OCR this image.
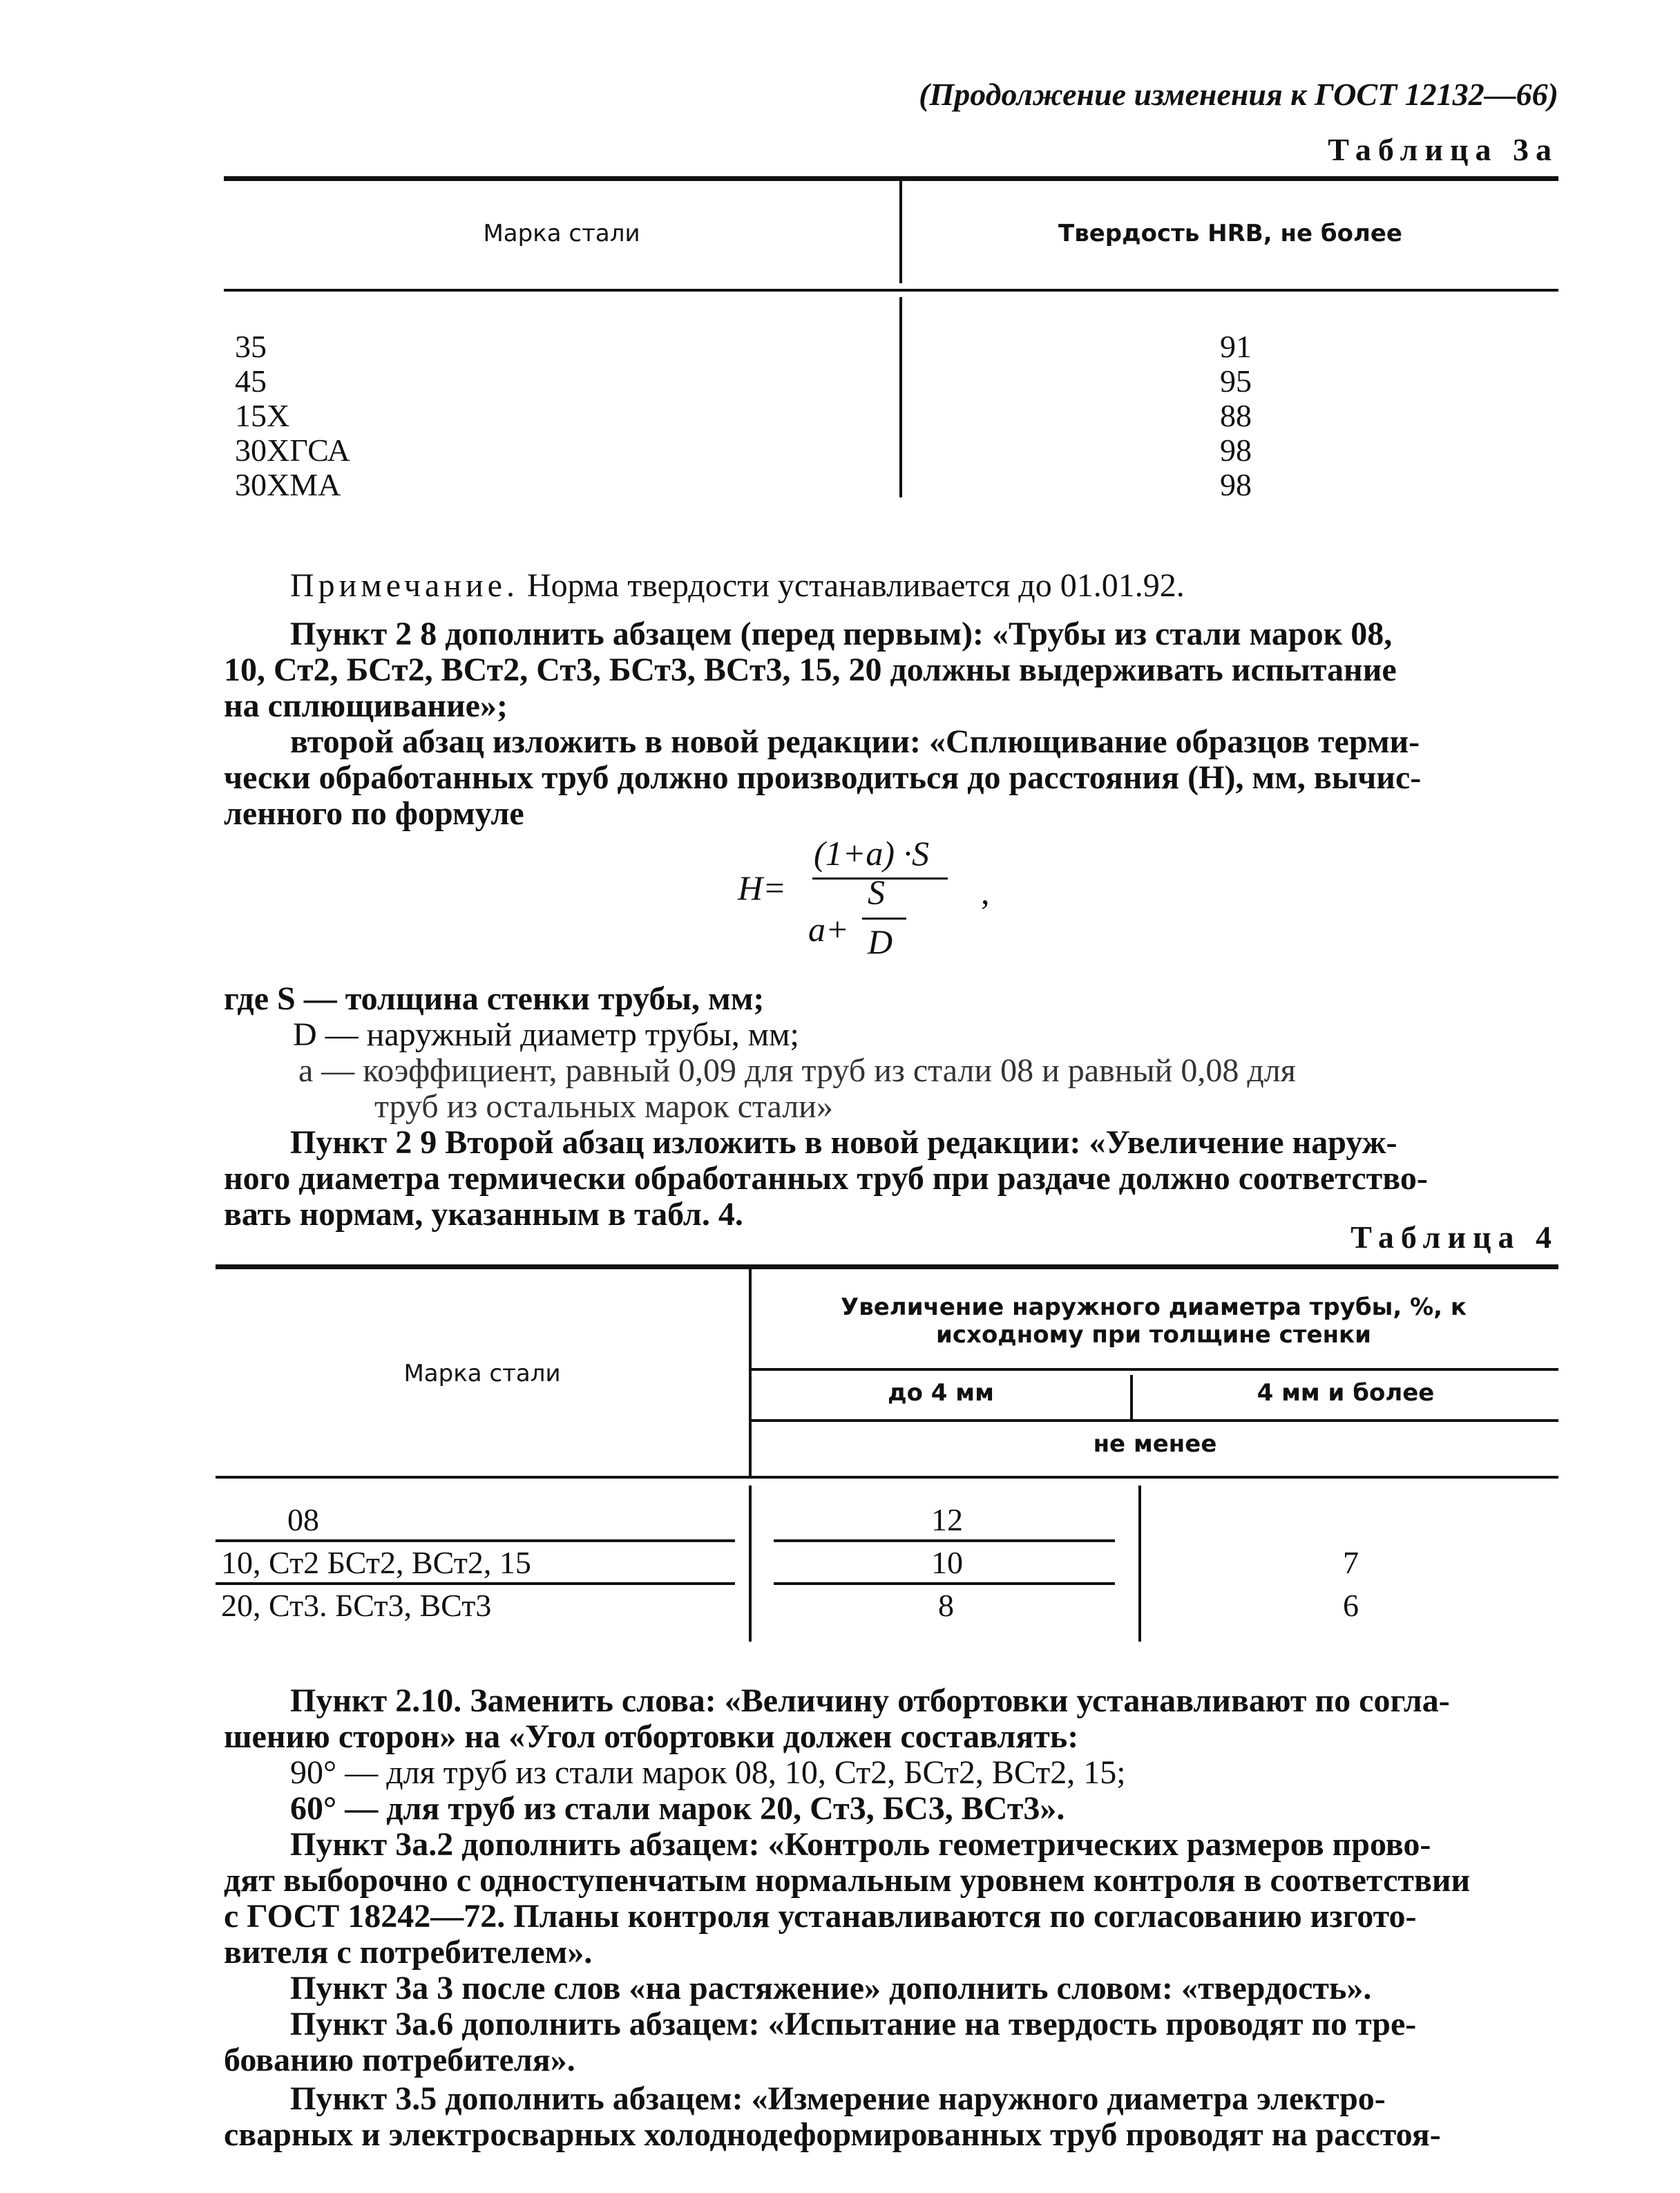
(Продолжение изменения к ГОСТ 12132—66)
Таблица 3а
Марка стали	Твердость HRB, не более
35	91
45	95
15Х	88
30ХГСА	98
30ХМА	98
Примечание. Норма твердости устанавливается до 01.01.92.
Пункт 2 8 дополнить абзацем (перед первым): «Трубы из стали марок 08,
10, Ст2, БСт2, ВСт2, Ст3, БСт3, ВСт3, 15, 20 должны выдерживать испытание
на сплющивание»;
второй абзац изложить в новой редакции: «Сплющивание образцов терми-
чески обработанных труб должно производиться до расстояния (Н), мм, вычис-
ленного по формуле
H=
(1+a) ·S
S
a+ D
,
где S — толщина стенки трубы, мм;
D — наружный диаметр трубы, мм;
a — коэффициент, равный 0,09 для труб из стали 08 и равный 0,08 для
труб из остальных марок стали»
Пункт 2 9 Второй абзац изложить в новой редакции: «Увеличение наруж-
ного диаметра термически обработанных труб при раздаче должно соответство-
вать нормам, указанным в табл. 4.
Таблица 4
Марка стали
Увеличение наружного диаметра трубы, %, к исходному при толщине стенки
до 4 мм	4 мм и более
не менее
08	12
10, Ст2 БСт2, ВСт2, 15	10	7
20, Ст3. БСт3, ВСт3	8	6
Пункт 2.10. Заменить слова: «Величину отбортовки устанавливают по согла-
шению сторон» на «Угол отбортовки должен составлять:
90° — для труб из стали марок 08, 10, Ст2, БСт2, ВСт2, 15;
60° — для труб из стали марок 20, Ст3, БС3, ВСт3».
Пункт 3а.2 дополнить абзацем: «Контроль геометрических размеров прово-
дят выборочно с одноступенчатым нормальным уровнем контроля в соответствии
с ГОСТ 18242—72. Планы контроля устанавливаются по согласованию изгото-
вителя с потребителем».
Пункт 3а 3 после слов «на растяжение» дополнить словом: «твердость».
Пункт 3а.6 дополнить абзацем: «Испытание на твердость проводят по тре-
бованию потребителя».
Пункт 3.5 дополнить абзацем: «Измерение наружного диаметра электро-
сварных и электросварных холоднодеформированных труб проводят на расстоя-
